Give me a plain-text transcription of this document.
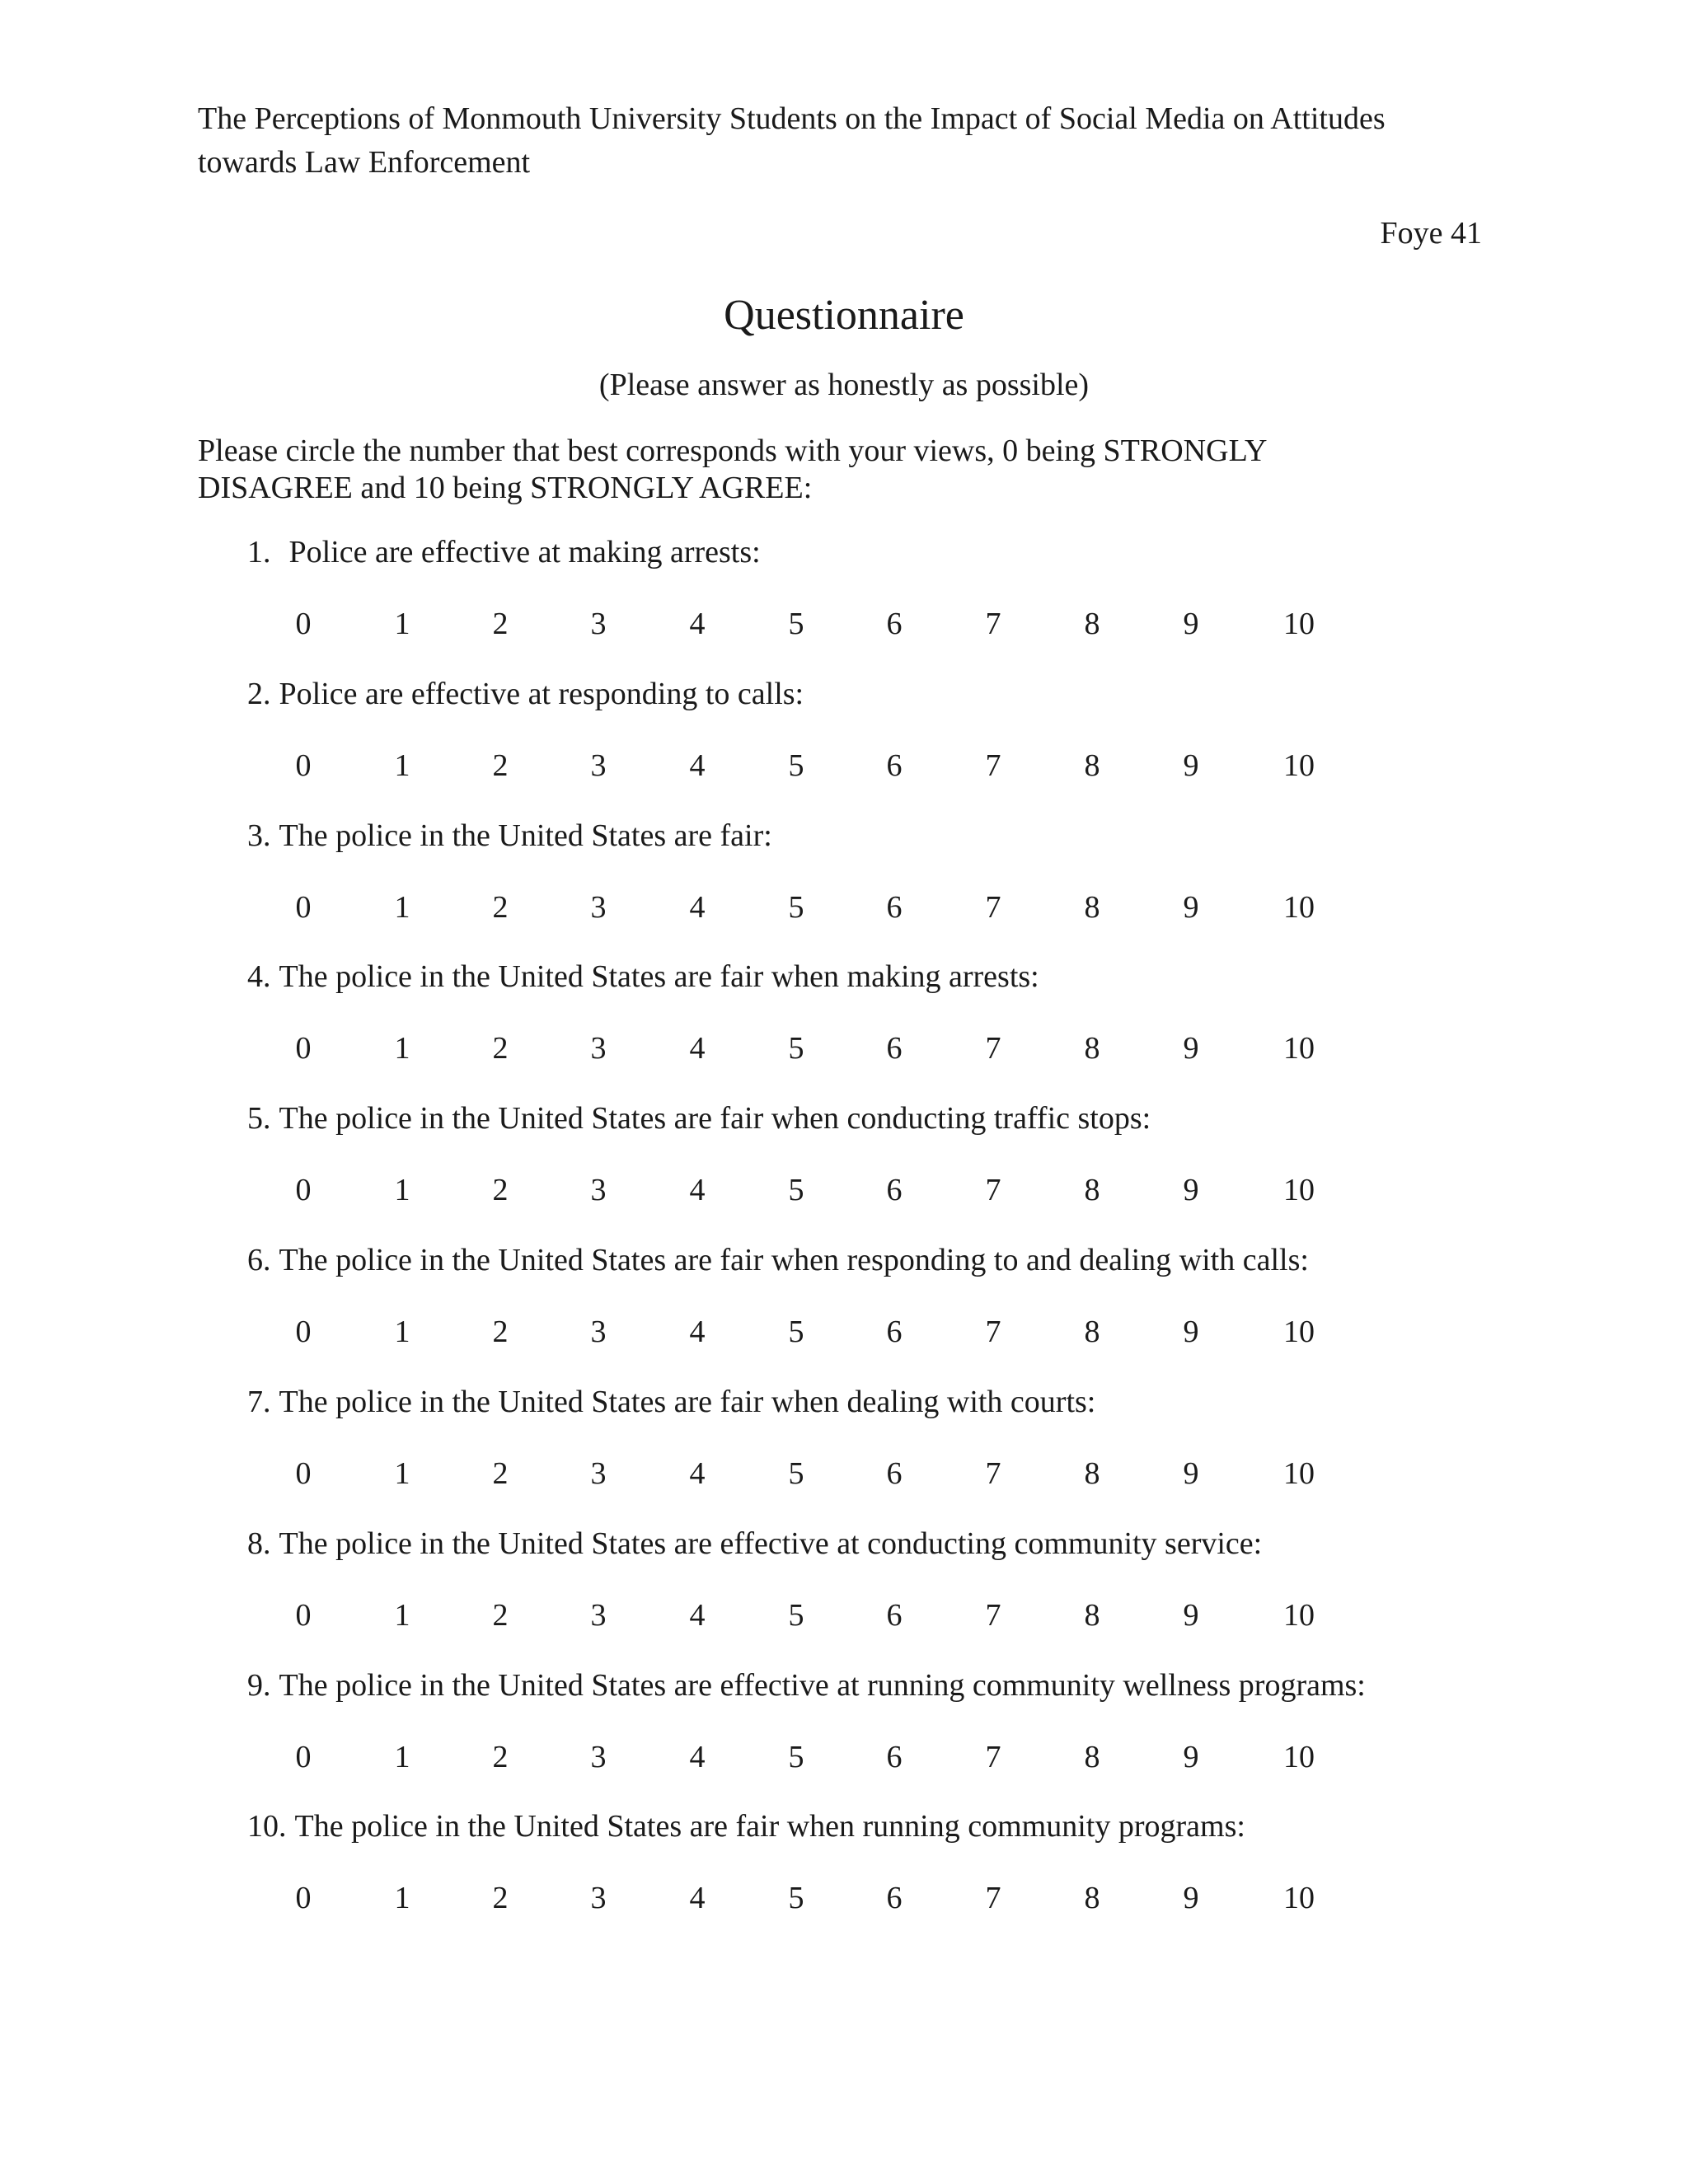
The Perceptions of Monmouth University Students on the Impact of Social Media on Attitudes towards Law Enforcement
Foye 41
Questionnaire
(Please answer as honestly as possible)
Please circle the number that best corresponds with your views, 0 being STRONGLY DISAGREE and 10 being STRONGLY AGREE:
1. Police are effective at making arrests:
0	1	2	3	4	5	6	7	8	9	10
2. Police are effective at responding to calls:
0	1	2	3	4	5	6	7	8	9	10
3. The police in the United States are fair:
0	1	2	3	4	5	6	7	8	9	10
4. The police in the United States are fair when making arrests:
0	1	2	3	4	5	6	7	8	9	10
5. The police in the United States are fair when conducting traffic stops:
0	1	2	3	4	5	6	7	8	9	10
6. The police in the United States are fair when responding to and dealing with calls:
0	1	2	3	4	5	6	7	8	9	10
7. The police in the United States are fair when dealing with courts:
0	1	2	3	4	5	6	7	8	9	10
8. The police in the United States are effective at conducting community service:
0	1	2	3	4	5	6	7	8	9	10
9. The police in the United States are effective at running community wellness programs:
0	1	2	3	4	5	6	7	8	9	10
10. The police in the United States are fair when running community programs:
0	1	2	3	4	5	6	7	8	9	10
